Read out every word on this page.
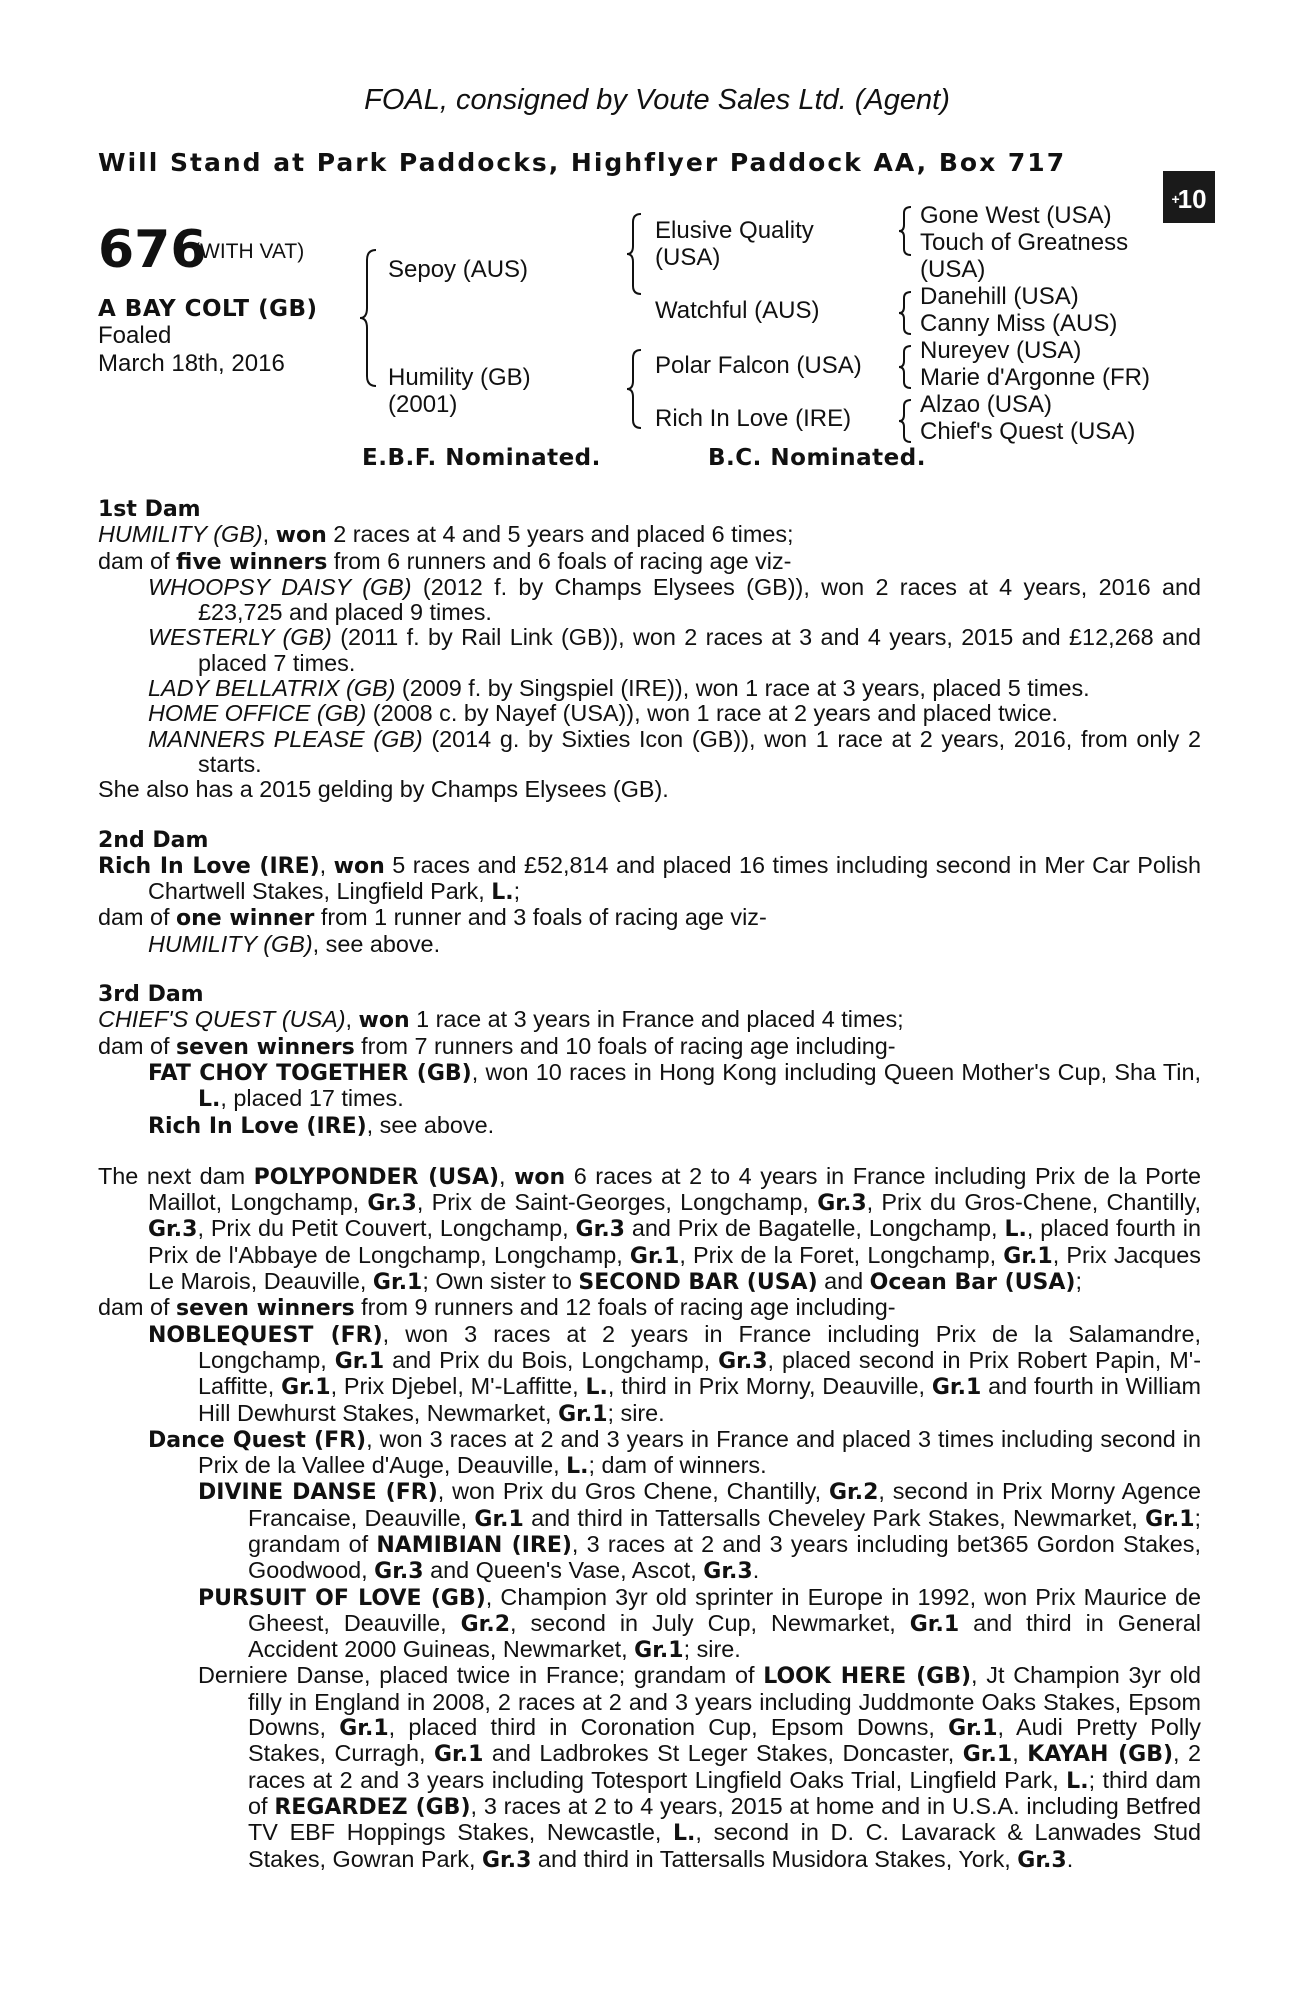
FOAL, consigned by Voute Sales Ltd. (Agent)
Will Stand at Park Paddocks, Highflyer Paddock AA, Box 717
+10
676
(WITH VAT)
A BAY COLT (GB)
Foaled
March 18th, 2016
Sepoy (AUS)
Humility (GB)
(2001)
Elusive Quality
(USA)
Watchful (AUS)
Polar Falcon (USA)
Rich In Love (IRE)
Gone West (USA)
Touch of Greatness
(USA)
Danehill (USA)
Canny Miss (AUS)
Nureyev (USA)
Marie d'Argonne (FR)
Alzao (USA)
Chief's Quest (USA)
E.B.F. Nominated.	B.C. Nominated.

1st Dam

HUMILITY (GB), won 2 races at 4 and 5 years and placed 6 times;

dam of five winners from 6 runners and 6 foals of racing age viz-

WHOOPSY DAISY (GB) (2012 f. by Champs Elysees (GB)), won 2 races at 4 years, 2016 and £23,725 and placed 9 times.

WESTERLY (GB) (2011 f. by Rail Link (GB)), won 2 races at 3 and 4 years, 2015 and £12,268 and placed 7 times.

LADY BELLATRIX (GB) (2009 f. by Singspiel (IRE)), won 1 race at 3 years, placed 5 times.

HOME OFFICE (GB) (2008 c. by Nayef (USA)), won 1 race at 2 years and placed twice.

MANNERS PLEASE (GB) (2014 g. by Sixties Icon (GB)), won 1 race at 2 years, 2016, from only 2 starts.

She also has a 2015 gelding by Champs Elysees (GB).

2nd Dam

Rich In Love (IRE), won 5 races and £52,814 and placed 16 times including second in Mer Car Polish Chartwell Stakes, Lingfield Park, L.;

dam of one winner from 1 runner and 3 foals of racing age viz-

HUMILITY (GB), see above.

3rd Dam

CHIEF'S QUEST (USA), won 1 race at 3 years in France and placed 4 times;

dam of seven winners from 7 runners and 10 foals of racing age including-

FAT CHOY TOGETHER (GB), won 10 races in Hong Kong including Queen Mother's Cup, Sha Tin, L., placed 17 times.

Rich In Love (IRE), see above.

The next dam POLYPONDER (USA), won 6 races at 2 to 4 years in France including Prix de la Porte Maillot, Longchamp, Gr.3, Prix de Saint-Georges, Longchamp, Gr.3, Prix du Gros-Chene, Chantilly, Gr.3, Prix du Petit Couvert, Longchamp, Gr.3 and Prix de Bagatelle, Longchamp, L., placed fourth in Prix de l'Abbaye de Longchamp, Longchamp, Gr.1, Prix de la Foret, Longchamp, Gr.1, Prix Jacques Le Marois, Deauville, Gr.1; Own sister to SECOND BAR (USA) and Ocean Bar (USA);

dam of seven winners from 9 runners and 12 foals of racing age including-

NOBLEQUEST (FR), won 3 races at 2 years in France including Prix de la Salamandre, Longchamp, Gr.1 and Prix du Bois, Longchamp, Gr.3, placed second in Prix Robert Papin, M'-Laffitte, Gr.1, Prix Djebel, M'-Laffitte, L., third in Prix Morny, Deauville, Gr.1 and fourth in William Hill Dewhurst Stakes, Newmarket, Gr.1; sire.

Dance Quest (FR), won 3 races at 2 and 3 years in France and placed 3 times including second in Prix de la Vallee d'Auge, Deauville, L.; dam of winners.

DIVINE DANSE (FR), won Prix du Gros Chene, Chantilly, Gr.2, second in Prix Morny Agence Francaise, Deauville, Gr.1 and third in Tattersalls Cheveley Park Stakes, Newmarket, Gr.1; grandam of NAMIBIAN (IRE), 3 races at 2 and 3 years including bet365 Gordon Stakes, Goodwood, Gr.3 and Queen's Vase, Ascot, Gr.3.

PURSUIT OF LOVE (GB), Champion 3yr old sprinter in Europe in 1992, won Prix Maurice de Gheest, Deauville, Gr.2, second in July Cup, Newmarket, Gr.1 and third in General Accident 2000 Guineas, Newmarket, Gr.1; sire.

Derniere Danse, placed twice in France; grandam of LOOK HERE (GB), Jt Champion 3yr old filly in England in 2008, 2 races at 2 and 3 years including Juddmonte Oaks Stakes, Epsom Downs, Gr.1, placed third in Coronation Cup, Epsom Downs, Gr.1, Audi Pretty Polly Stakes, Curragh, Gr.1 and Ladbrokes St Leger Stakes, Doncaster, Gr.1, KAYAH (GB), 2 races at 2 and 3 years including Totesport Lingfield Oaks Trial, Lingfield Park, L.; third dam of REGARDEZ (GB), 3 races at 2 to 4 years, 2015 at home and in U.S.A. including Betfred TV EBF Hoppings Stakes, Newcastle, L., second in D. C. Lavarack & Lanwades Stud Stakes, Gowran Park, Gr.3 and third in Tattersalls Musidora Stakes, York, Gr.3.
